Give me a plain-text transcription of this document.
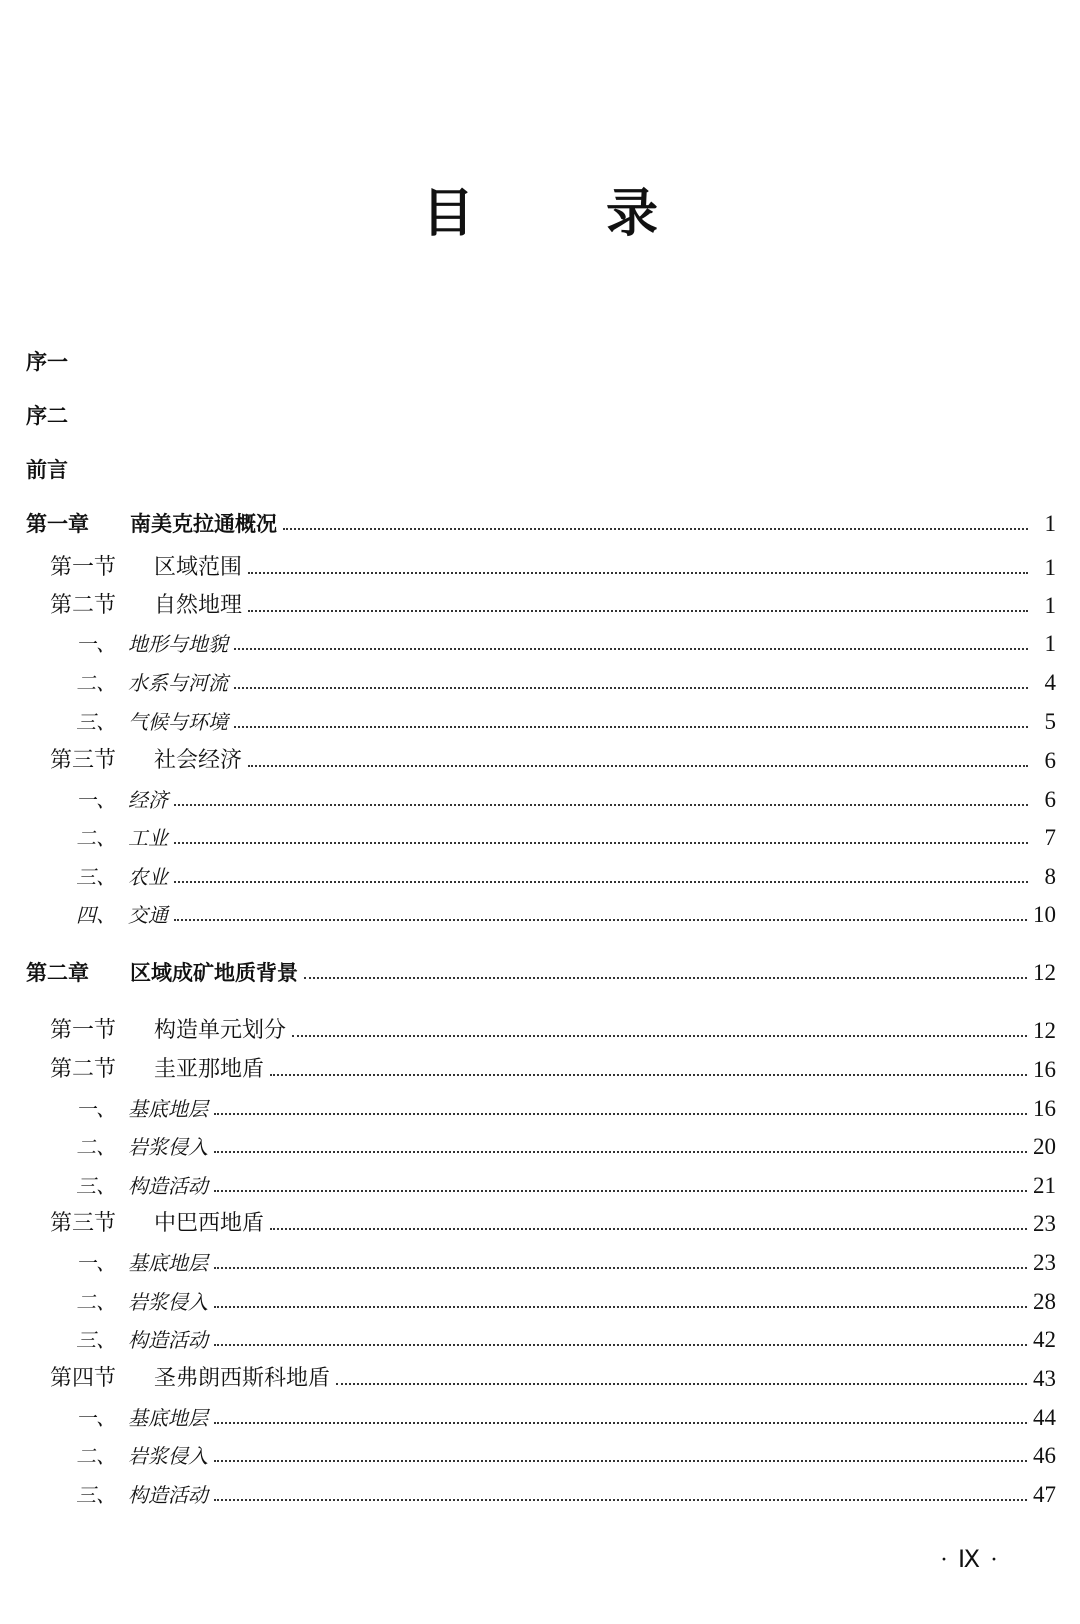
目	录
序一
序二
前言
第一章	南美克拉通概况	1
第一节	区域范围	1
第二节	自然地理	1
一、 地形与地貌	1
二、 水系与河流	4
三、 气候与环境	5
第三节	社会经济	6
一、 经济	6
二、 工业	7
三、 农业	8
四、 交通	10
第二章	区域成矿地质背景	12
第一节	构造单元划分	12
第二节	圭亚那地盾	16
一、 基底地层	16
二、 岩浆侵入	20
三、 构造活动	21
第三节	中巴西地盾	23
一、 基底地层	23
二、 岩浆侵入	28
三、 构造活动	42
第四节	圣弗朗西斯科地盾	43
一、 基底地层	44
二、 岩浆侵入	46
三、 构造活动	47
· Ⅸ ·
